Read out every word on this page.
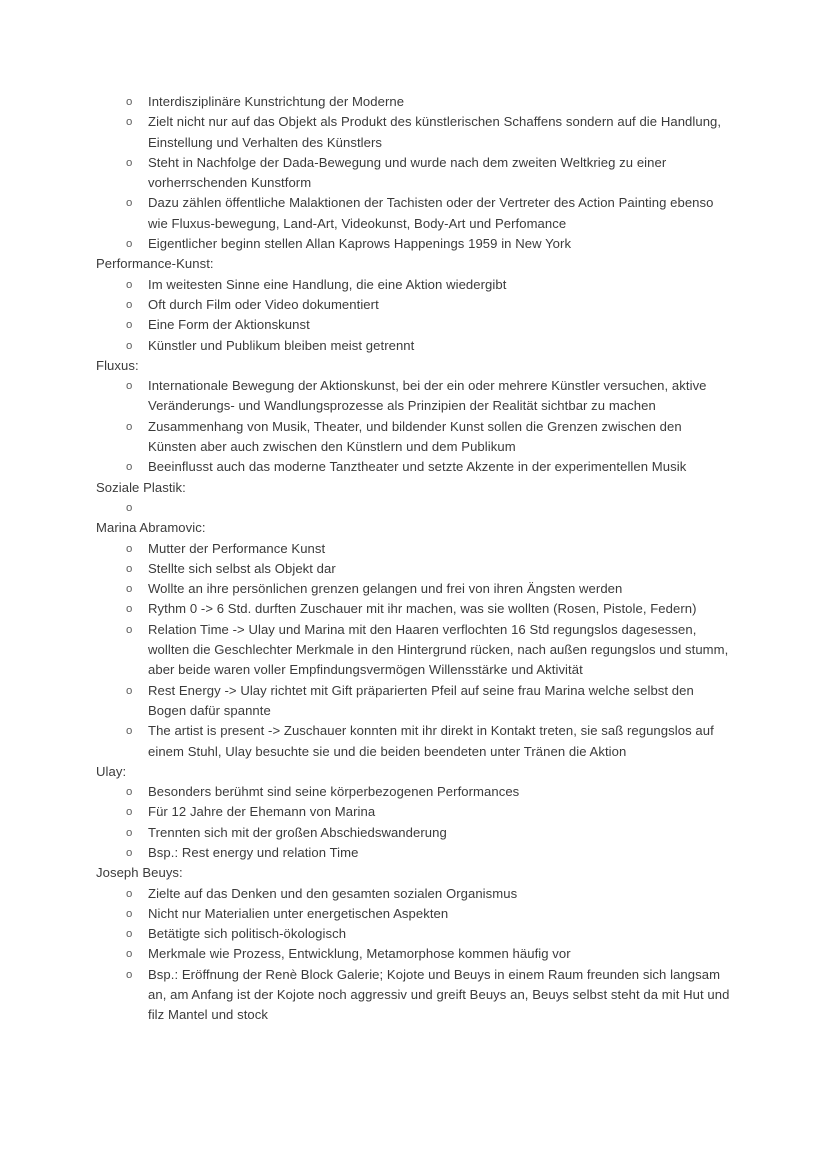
o	Interdisziplinäre Kunstrichtung der Moderne
o	Zielt nicht nur auf das Objekt als Produkt des künstlerischen Schaffens sondern auf die Handlung, Einstellung und Verhalten des Künstlers
o	Steht in Nachfolge der Dada-Bewegung und wurde nach dem zweiten Weltkrieg zu einer vorherrschenden Kunstform
o	Dazu zählen öffentliche Malaktionen der Tachisten oder der Vertreter des Action Painting ebenso wie Fluxus-bewegung, Land-Art, Videokunst, Body-Art und Perfomance
o	Eigentlicher beginn stellen Allan Kaprows Happenings 1959 in New York

Performance-Kunst:

o	Im weitesten Sinne eine Handlung, die eine Aktion wiedergibt
o	Oft durch Film oder Video dokumentiert
o	Eine Form der Aktionskunst
o	Künstler und Publikum bleiben meist getrennt

Fluxus:

o	Internationale Bewegung der Aktionskunst, bei der ein oder mehrere Künstler versuchen, aktive Veränderungs- und Wandlungsprozesse als Prinzipien der Realität sichtbar zu machen
o	Zusammenhang von Musik, Theater, und bildender Kunst sollen die Grenzen zwischen den Künsten aber auch zwischen den Künstlern und dem Publikum
o	Beeinflusst auch das moderne Tanztheater und setzte Akzente in der experimentellen Musik

Soziale Plastik:

o

Marina Abramovic:

o	Mutter der Performance Kunst
o	Stellte sich selbst als Objekt dar
o	Wollte an ihre persönlichen grenzen gelangen und frei von ihren Ängsten werden
o	Rythm 0 -> 6 Std. durften Zuschauer mit ihr machen, was sie wollten (Rosen, Pistole, Federn)
o	Relation Time -> Ulay und Marina mit den Haaren verflochten 16 Std regungslos dagesessen, wollten die Geschlechter Merkmale in den Hintergrund rücken, nach außen regungslos und stumm, aber beide waren voller Empfindungsvermögen Willensstärke und Aktivität
o	Rest Energy -> Ulay richtet mit Gift präparierten Pfeil auf seine frau Marina welche selbst den Bogen dafür spannte
o	The artist is present -> Zuschauer konnten mit ihr direkt in Kontakt treten, sie saß regungslos auf einem Stuhl, Ulay besuchte sie und die beiden beendeten unter Tränen die Aktion

Ulay:

o	Besonders berühmt sind seine körperbezogenen Performances
o	Für 12 Jahre der Ehemann von Marina
o	Trennten sich mit der großen Abschiedswanderung
o	Bsp.: Rest energy und relation Time

Joseph Beuys:

o	Zielte auf das Denken und den gesamten sozialen Organismus
o	Nicht nur Materialien unter energetischen Aspekten
o	Betätigte sich politisch-ökologisch
o	Merkmale wie Prozess, Entwicklung, Metamorphose kommen häufig vor
o	Bsp.: Eröffnung der Renè Block Galerie; Kojote und Beuys in einem Raum freunden sich langsam an, am Anfang ist der Kojote noch aggressiv und greift Beuys an, Beuys selbst steht da mit Hut und filz Mantel und stock
